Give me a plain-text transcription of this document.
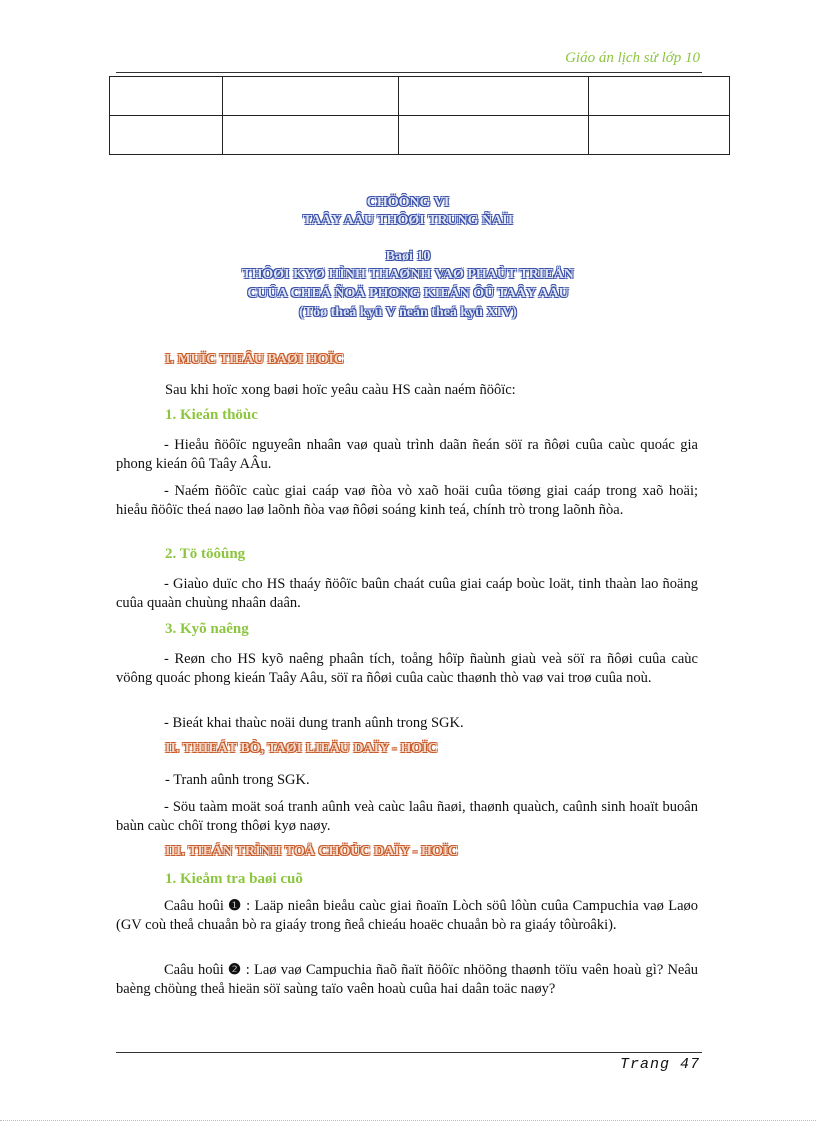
Giáo án lịch sử lớp 10

CHÖÔNG VI
TAÂY AÂU THÔØI TRUNG ÑAÏI
Baøi 10
THÔØI KYØ HÌNH THAØNH VAØ PHAÙT TRIEÅN
CUÛA CHEÁ ÑOÄ PHONG KIEÁN ÔÛ TAÂY AÂU
(Töø theá kyû V ñeán theá kyû XIV)
I. MUÏC TIEÂU BAØI HOÏC
Sau khi hoïc xong baøi hoïc yeâu caàu HS caàn naém ñöôïc:
1. Kieán thöùc
- Hieåu ñöôïc nguyeân nhaân vaø quaù trình daãn ñeán söï ra ñôøi cuûa caùc quoác gia phong kieán ôû Taây AÂu.
- Naém ñöôïc caùc giai caáp vaø ñòa vò xaõ hoäi cuûa töøng giai caáp trong xaõ hoäi; hieåu ñöôïc theá naøo laø laõnh ñòa vaø ñôøi soáng kinh teá, chính trò trong laõnh ñòa.
2. Tö töôûng
- Giaùo duïc cho HS thaáy ñöôïc baûn chaát cuûa giai caáp boùc loät, tinh thaàn lao ñoäng cuûa quaàn chuùng nhaân daân.
3. Kyõ naêng
- Reøn cho HS kyõ naêng phaân tích, toång hôïp ñaùnh giaù veà söï ra ñôøi cuûa caùc vöông quoác phong kieán Taây Aâu, söï ra ñôøi cuûa caùc thaønh thò vaø vai troø cuûa noù.
- Bieát khai thaùc noäi dung tranh aûnh trong SGK.
II. THIEÁT BÒ, TAØI LIEÄU DAÏY - HOÏC
- Tranh aûnh trong SGK.
- Söu taàm moät soá tranh aûnh veà caùc laâu ñaøi, thaønh quaùch, caûnh sinh hoaït buoân baùn caùc chôï trong thôøi kyø naøy.
III. TIEÁN TRÌNH TOÅ CHÖÙC DAÏY - HOÏC
1. Kieåm tra baøi cuõ
Caâu hoûi ❶ : Laäp nieân bieåu caùc giai ñoaïn Lòch söû lôùn cuûa Campuchia vaø Laøo (GV coù theå chuaån bò ra giaáy trong ñeå chieáu hoaëc chuaån bò ra giaáy tôùroâki).
Caâu hoûi ❷ : Laø vaø Campuchia ñaõ ñaït ñöôïc nhöõng thaønh töïu vaên hoaù gì? Neâu baèng chöùng theå hieän söï saùng taïo vaên hoaù cuûa hai daân toäc naøy?
Trang 47
